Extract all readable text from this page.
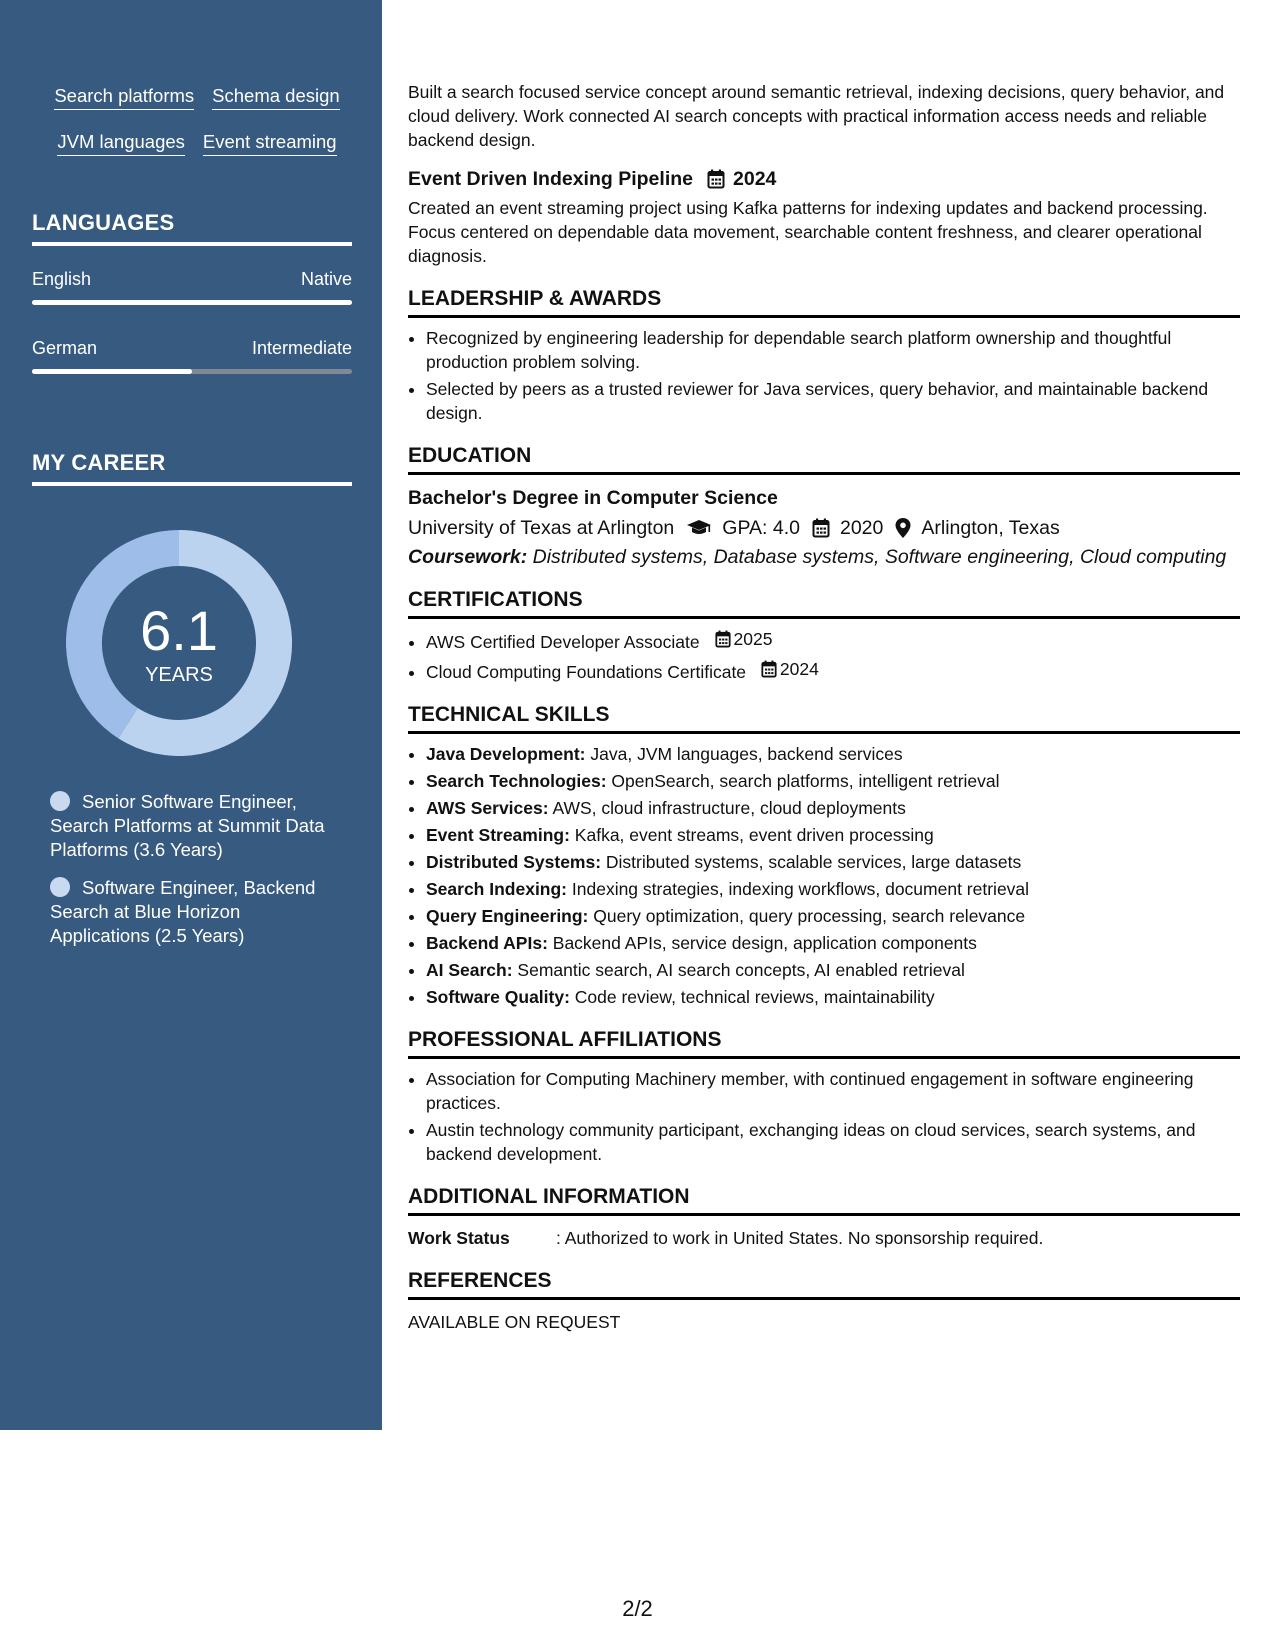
Search platforms Schema design
JVM languages Event streaming
LANGUAGES
English	Native
German	Intermediate
MY CAREER
6.1
YEARS
Senior Software Engineer, Search Platforms at Summit Data Platforms (3.6 Years)
Software Engineer, Backend Search at Blue Horizon Applications (2.5 Years)

Built a search focused service concept around semantic retrieval, indexing decisions, query behavior, and cloud delivery. Work connected AI search concepts with practical information access needs and reliable backend design.

Event Driven Indexing Pipeline 2024

Created an event streaming project using Kafka patterns for indexing updates and backend processing. Focus centered on dependable data movement, searchable content freshness, and clearer operational diagnosis.

LEADERSHIP & AWARDS
• Recognized by engineering leadership for dependable search platform ownership and thoughtful production problem solving.
• Selected by peers as a trusted reviewer for Java services, query behavior, and maintainable backend design.
EDUCATION
Bachelor's Degree in Computer Science
University of Texas at Arlington GPA: 4.0 2020 Arlington, Texas
Coursework: Distributed systems, Database systems, Software engineering, Cloud computing
CERTIFICATIONS
• AWS Certified Developer Associate 2025
• Cloud Computing Foundations Certificate 2024
TECHNICAL SKILLS
• Java Development: Java, JVM languages, backend services
• Search Technologies: OpenSearch, search platforms, intelligent retrieval
• AWS Services: AWS, cloud infrastructure, cloud deployments
• Event Streaming: Kafka, event streams, event driven processing
• Distributed Systems: Distributed systems, scalable services, large datasets
• Search Indexing: Indexing strategies, indexing workflows, document retrieval
• Query Engineering: Query optimization, query processing, search relevance
• Backend APIs: Backend APIs, service design, application components
• AI Search: Semantic search, AI search concepts, AI enabled retrieval
• Software Quality: Code review, technical reviews, maintainability
PROFESSIONAL AFFILIATIONS
• Association for Computing Machinery member, with continued engagement in software engineering practices.
• Austin technology community participant, exchanging ideas on cloud services, search systems, and backend development.
ADDITIONAL INFORMATION
Work Status	: Authorized to work in United States. No sponsorship required.
REFERENCES
AVAILABLE ON REQUEST
2/2
